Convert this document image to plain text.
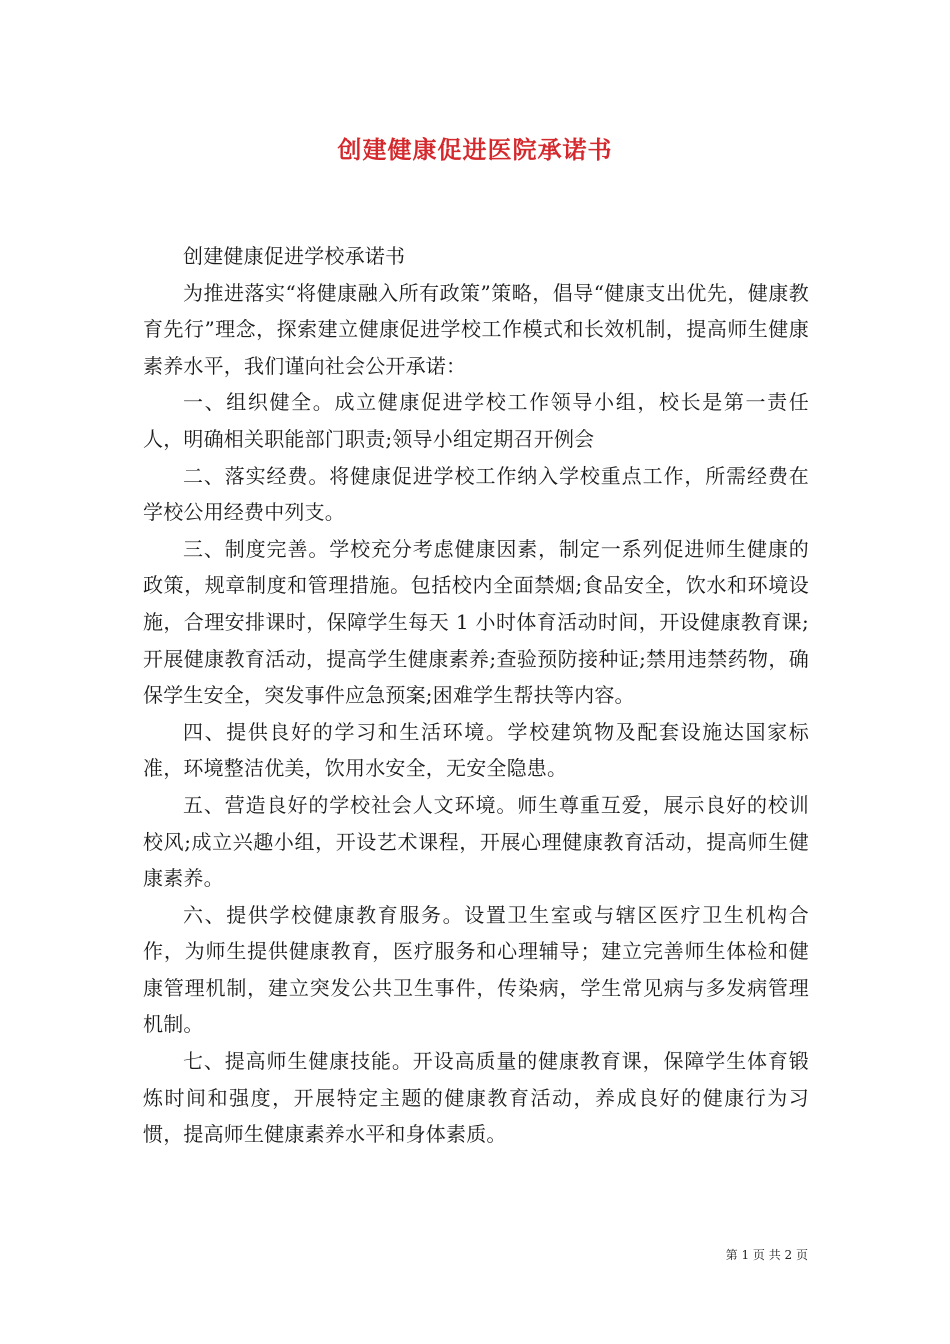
创建健康促进医院承诺书

创建健康促进学校承诺书

为推进落实“将健康融入所有政策”策略，倡导“健康支出优先，健康教育先行”理念，探索建立健康促进学校工作模式和长效机制，提高师生健康素养水平，我们谨向社会公开承诺：

一、组织健全。成立健康促进学校工作领导小组，校长是第一责任人，明确相关职能部门职责;领导小组定期召开例会

二、落实经费。将健康促进学校工作纳入学校重点工作，所需经费在学校公用经费中列支。

三、制度完善。学校充分考虑健康因素，制定一系列促进师生健康的政策，规章制度和管理措施。包括校内全面禁烟;食品安全，饮水和环境设施，合理安排课时，保障学生每天 1 小时体育活动时间，开设健康教育课;开展健康教育活动，提高学生健康素养;查验预防接种证;禁用违禁药物，确保学生安全，突发事件应急预案;困难学生帮扶等内容。

四、提供良好的学习和生活环境。学校建筑物及配套设施达国家标准，环境整洁优美，饮用水安全，无安全隐患。

五、营造良好的学校社会人文环境。师生尊重互爱，展示良好的校训校风;成立兴趣小组，开设艺术课程，开展心理健康教育活动，提高师生健康素养。

六、提供学校健康教育服务。设置卫生室或与辖区医疗卫生机构合作，为师生提供健康教育，医疗服务和心理辅导；建立完善师生体检和健康管理机制，建立突发公共卫生事件，传染病，学生常见病与多发病管理机制。

七、提高师生健康技能。开设高质量的健康教育课，保障学生体育锻炼时间和强度，开展特定主题的健康教育活动，养成良好的健康行为习惯，提高师生健康素养水平和身体素质。

第 1 页 共 2 页
